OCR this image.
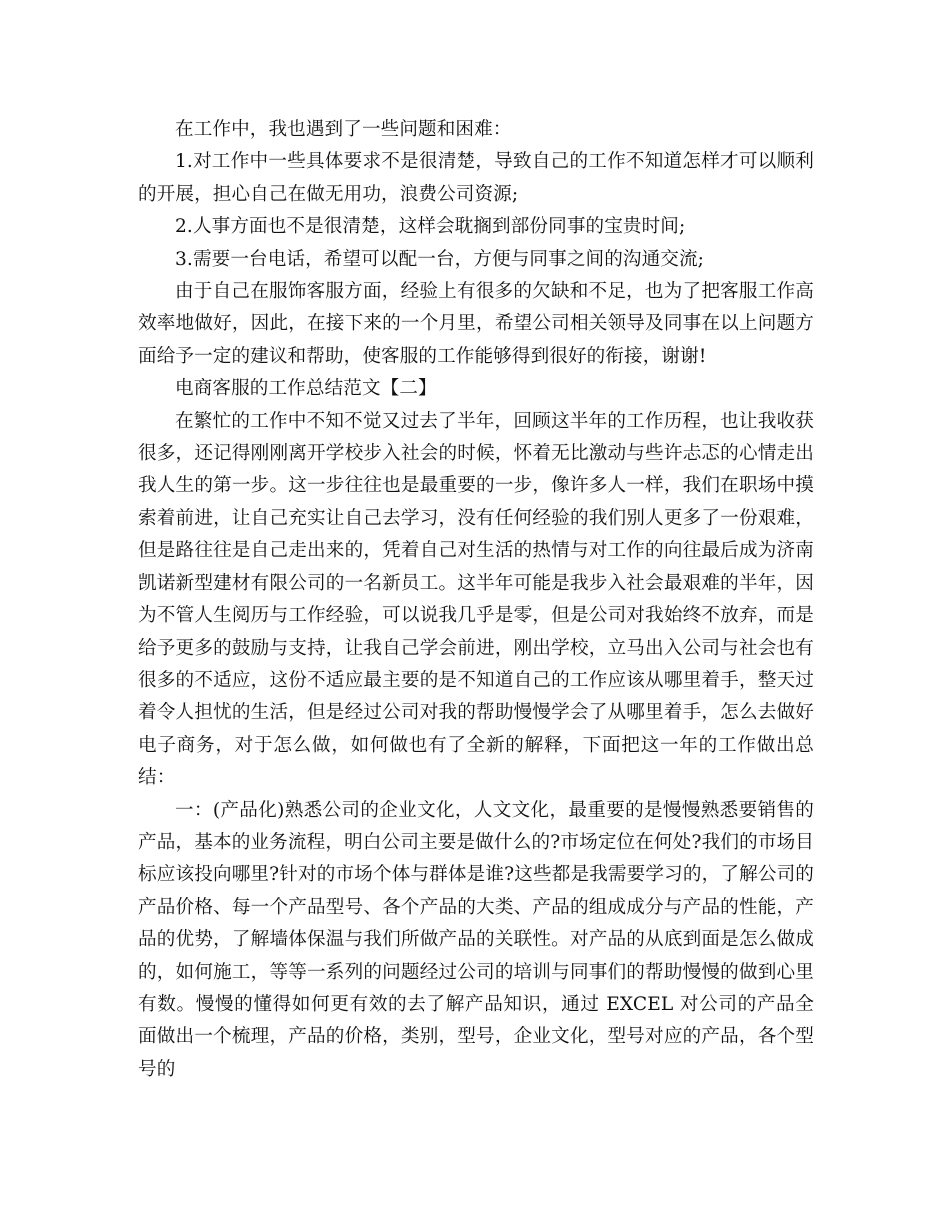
在工作中，我也遇到了一些问题和困难：

1.对工作中一些具体要求不是很清楚，导致自己的工作不知道怎样才可以顺利的开展，担心自己在做无用功，浪费公司资源;

2.人事方面也不是很清楚，这样会耽搁到部份同事的宝贵时间;

3.需要一台电话，希望可以配一台，方便与同事之间的沟通交流;

由于自己在服饰客服方面，经验上有很多的欠缺和不足，也为了把客服工作高效率地做好，因此，在接下来的一个月里，希望公司相关领导及同事在以上问题方面给予一定的建议和帮助，使客服的工作能够得到很好的衔接，谢谢!

电商客服的工作总结范文【二】

在繁忙的工作中不知不觉又过去了半年，回顾这半年的工作历程，也让我收获很多，还记得刚刚离开学校步入社会的时候，怀着无比激动与些许忐忑的心情走出我人生的第一步。这一步往往也是最重要的一步，像许多人一样，我们在职场中摸索着前进，让自己充实让自己去学习，没有任何经验的我们别人更多了一份艰难，但是路往往是自己走出来的，凭着自己对生活的热情与对工作的向往最后成为济南凯诺新型建材有限公司的一名新员工。这半年可能是我步入社会最艰难的半年，因为不管人生阅历与工作经验，可以说我几乎是零，但是公司对我始终不放弃，而是给予更多的鼓励与支持，让我自己学会前进，刚出学校，立马出入公司与社会也有很多的不适应，这份不适应最主要的是不知道自己的工作应该从哪里着手，整天过着令人担忧的生活，但是经过公司对我的帮助慢慢学会了从哪里着手，怎么去做好电子商务，对于怎么做，如何做也有了全新的解释，下面把这一年的工作做出总结：

一：(产品化)熟悉公司的企业文化，人文文化，最重要的是慢慢熟悉要销售的产品，基本的业务流程，明白公司主要是做什么的?市场定位在何处?我们的市场目标应该投向哪里?针对的市场个体与群体是谁?这些都是我需要学习的，了解公司的产品价格、每一个产品型号、各个产品的大类、产品的组成成分与产品的性能，产品的优势，了解墙体保温与我们所做产品的关联性。对产品的从底到面是怎么做成的，如何施工，等等一系列的问题经过公司的培训与同事们的帮助慢慢的做到心里有数。慢慢的懂得如何更有效的去了解产品知识，通过 EXCEL 对公司的产品全面做出一个梳理，产品的价格，类别，型号，企业文化，型号对应的产品，各个型号的
